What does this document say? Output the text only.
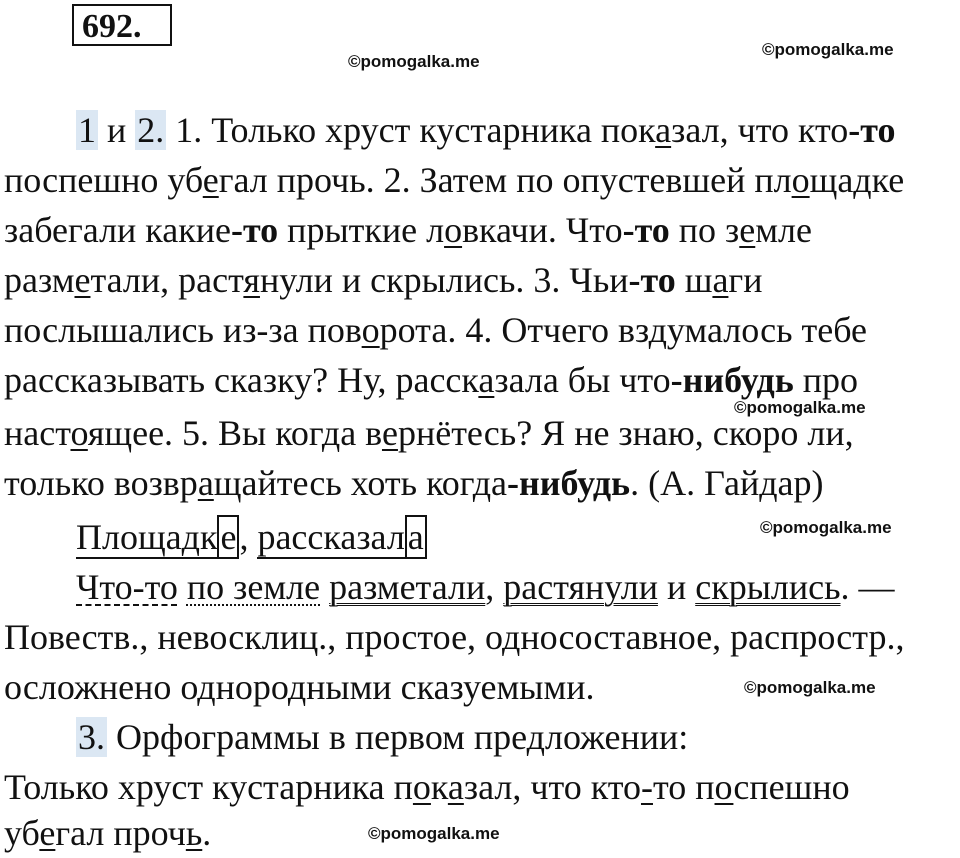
692.
©pomogalka.me
©pomogalka.me
1 и 2. 1. Только хруст кустарника показал, что кто-то
поспешно убегал прочь. 2. Затем по опустевшей площадке
забегали какие-то прыткие ловкачи. Что-то по земле
разметали, растянули и скрылись. 3. Чьи-то шаги
послышались из-за поворота. 4. Отчего вздумалось тебе
рассказывать сказку? Ну, рассказала бы что-нибудь про
©pomogalka.me
настоящее. 5. Вы когда вернётесь? Я не знаю, скоро ли,
только возвращайтесь хоть когда-нибудь. (А. Гайдар)
Площадке, рассказала	©pomogalka.me
Что-то по земле разметали, растянули и скрылись. —
Повеств., невосклиц., простое, односоставное, распростр.,
осложнено однородными сказуемыми.	©pomogalka.me
3. Орфограммы в первом предложении:
Только хруст кустарника показал, что кто-то поспешно
убегал прочь.	©pomogalka.me
